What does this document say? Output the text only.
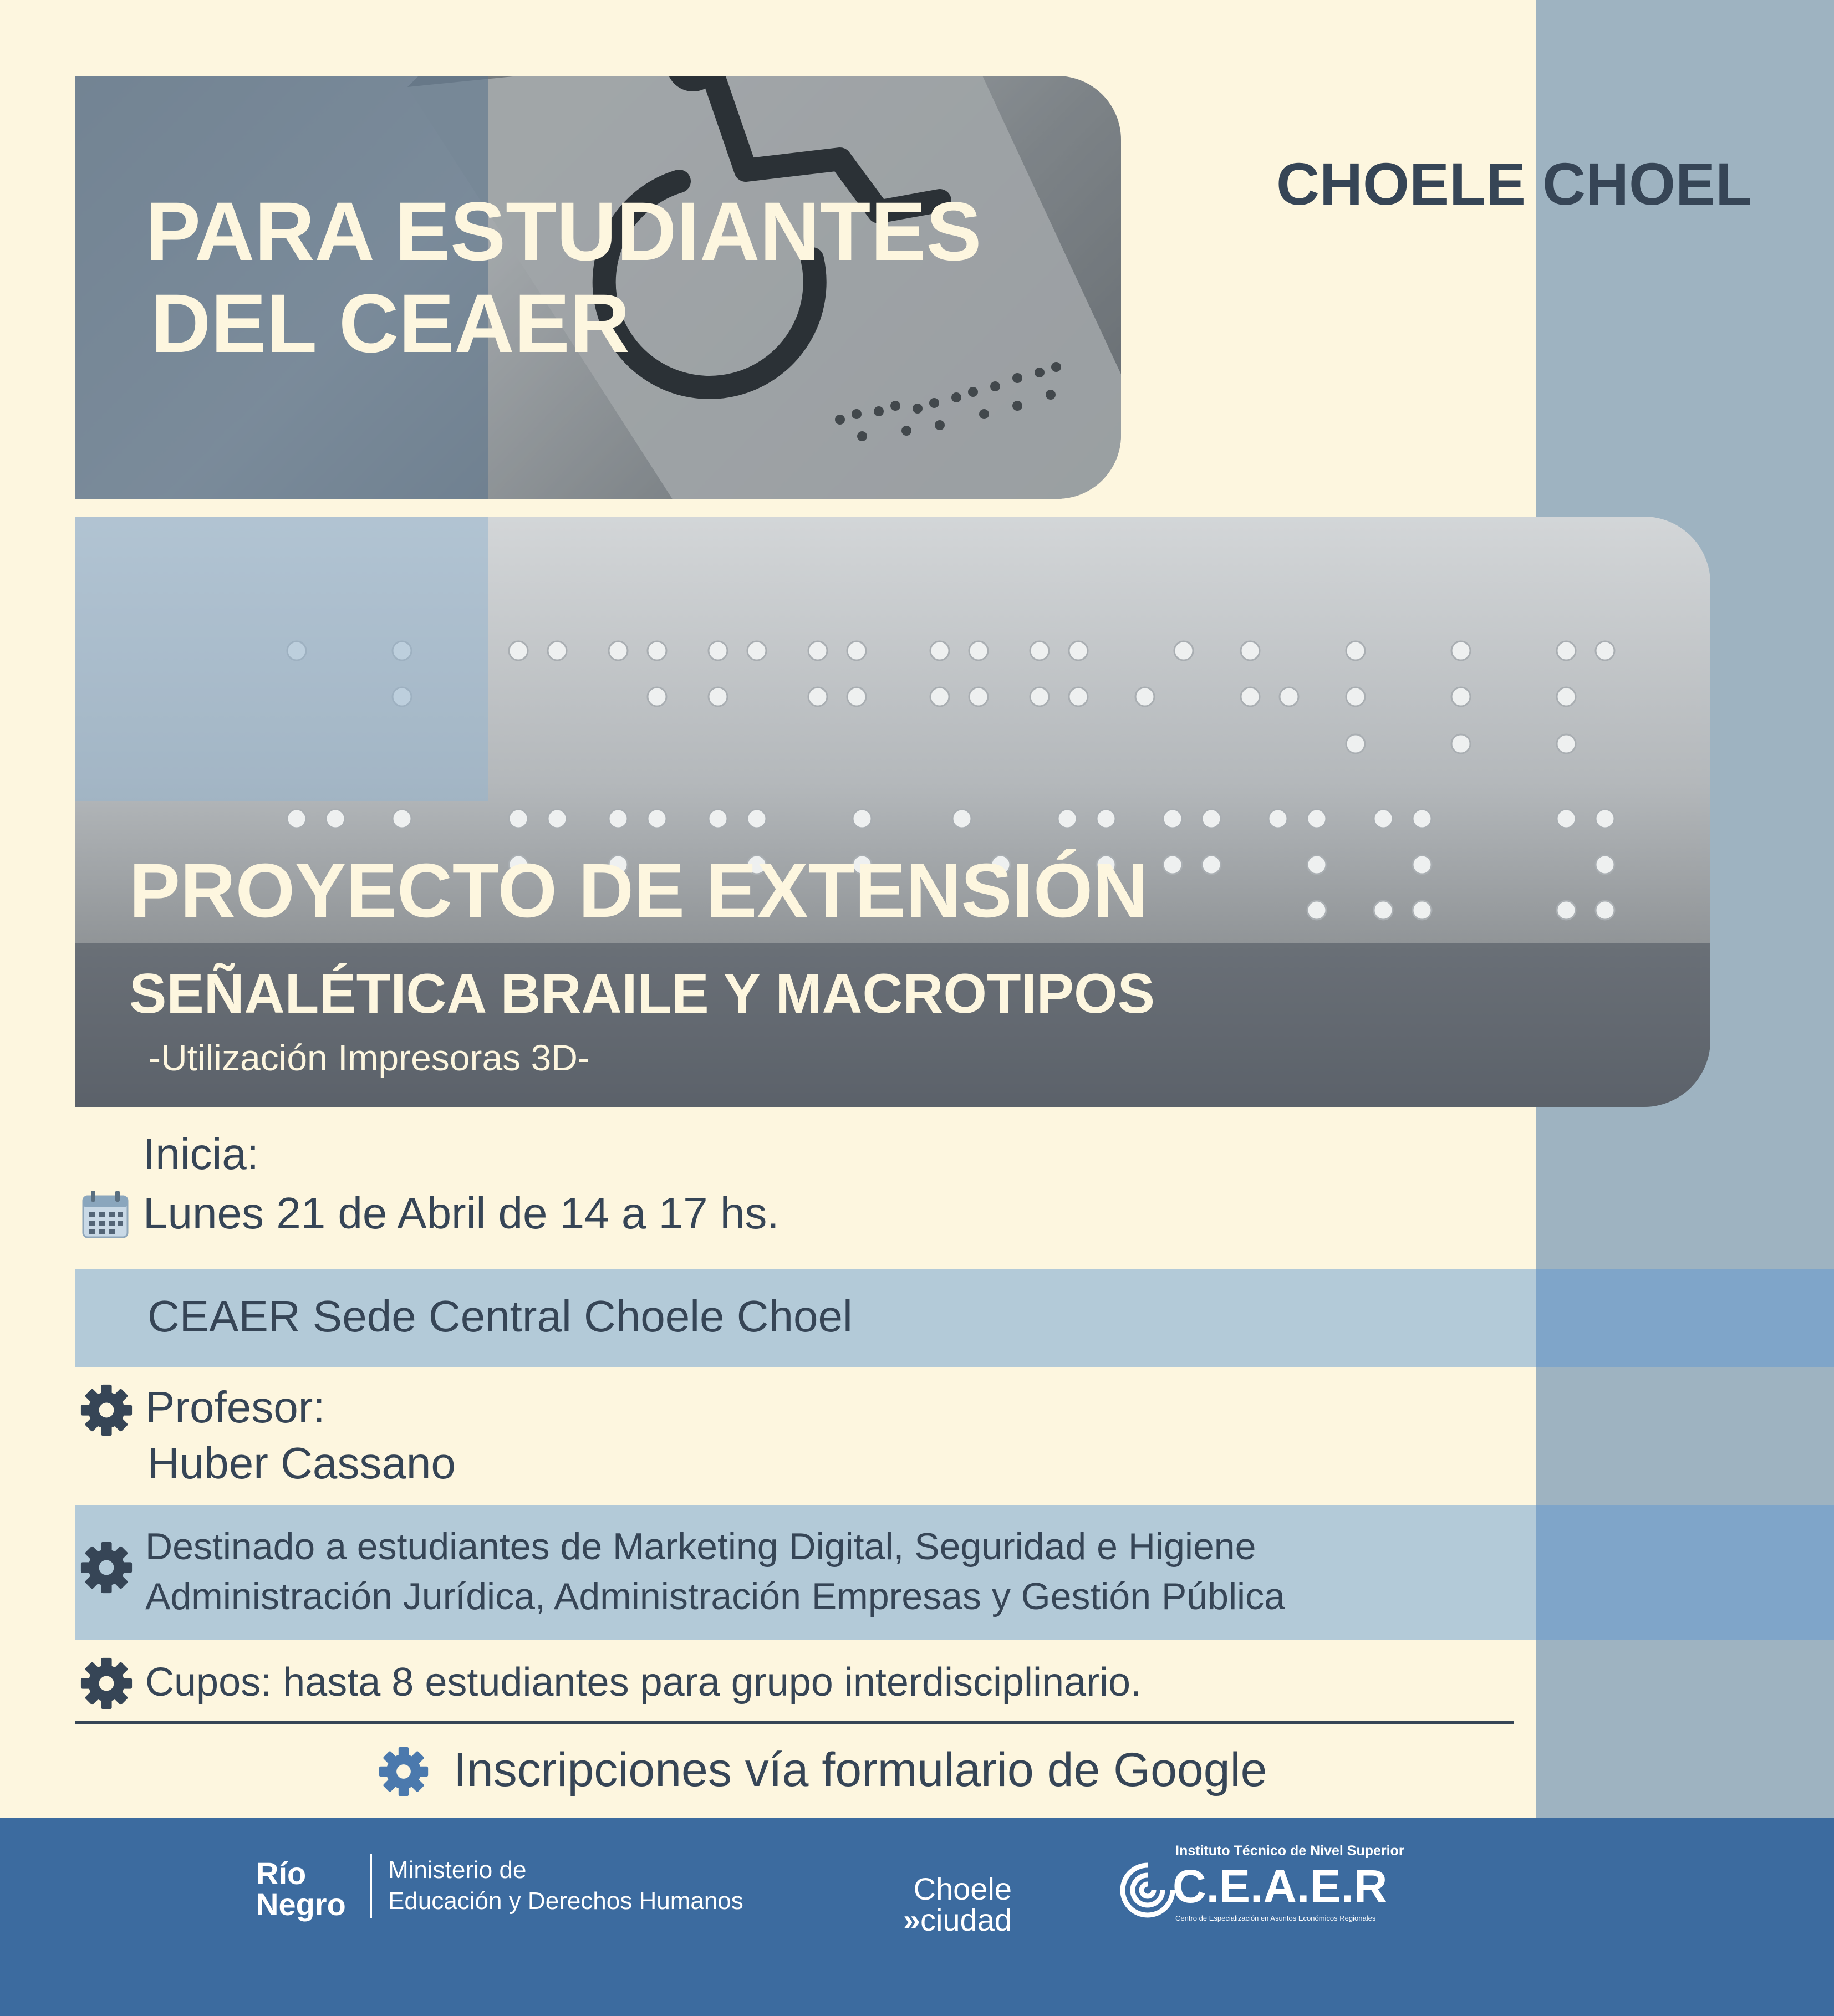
PARA ESTUDIANTES
DEL CEAER
CHOELE CHOEL
PROYECTO DE EXTENSIÓN
SEÑALÉTICA BRAILE Y MACROTIPOS
-Utilización Impresoras 3D-
Inicia:
Lunes 21 de Abril de 14 a 17 hs.
CEAER Sede Central Choele Choel
Profesor:
Huber Cassano
Destinado a estudiantes de Marketing Digital, Seguridad e Higiene
Administración Jurídica, Administración Empresas y Gestión Pública
Cupos: hasta 8 estudiantes para grupo interdisciplinario.
Inscripciones vía formulario de Google
Río
Negro
Ministerio de
Educación y Derechos Humanos	Choele
»ciudad
Instituto Técnico de Nivel Superior
C.E.A.E.R
Centro de Especialización en Asuntos Económicos Regionales
